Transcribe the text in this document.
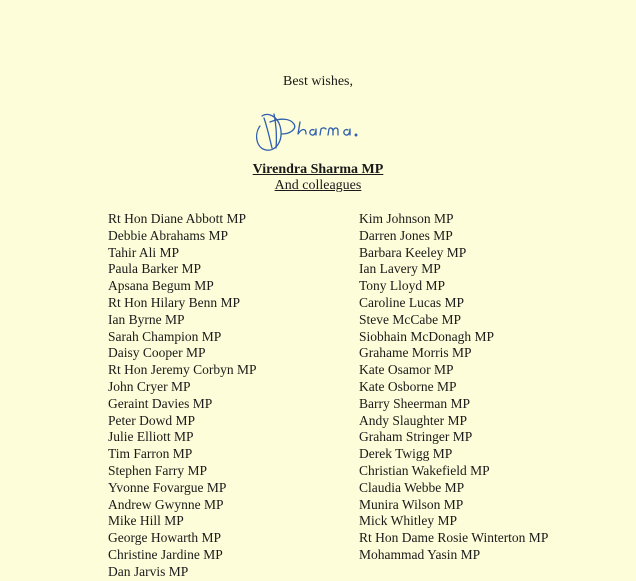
Best wishes,
Virendra Sharma MP
And colleagues
Rt Hon Diane Abbott MP
Debbie Abrahams MP
Tahir Ali MP
Paula Barker MP
Apsana Begum MP
Rt Hon Hilary Benn MP
Ian Byrne MP
Sarah Champion MP
Daisy Cooper MP
Rt Hon Jeremy Corbyn MP
John Cryer MP
Geraint Davies MP
Peter Dowd MP
Julie Elliott MP
Tim Farron MP
Stephen Farry MP
Yvonne Fovargue MP
Andrew Gwynne MP
Mike Hill MP
George Howarth MP
Christine Jardine MP
Dan Jarvis MP
Kim Johnson MP
Darren Jones MP
Barbara Keeley MP
Ian Lavery MP
Tony Lloyd MP
Caroline Lucas MP
Steve McCabe MP
Siobhain McDonagh MP
Grahame Morris MP
Kate Osamor MP
Kate Osborne MP
Barry Sheerman MP
Andy Slaughter MP
Graham Stringer MP
Derek Twigg MP
Christian Wakefield MP
Claudia Webbe MP
Munira Wilson MP
Mick Whitley MP
Rt Hon Dame Rosie Winterton MP
Mohammad Yasin MP
